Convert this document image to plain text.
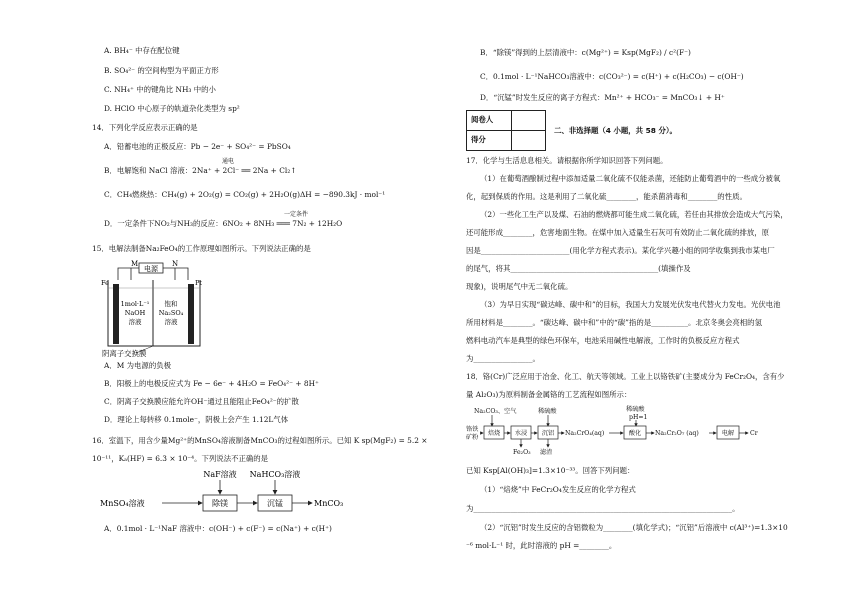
A. BH₄⁻ 中存在配位键
B. SO₄²⁻ 的空间构型为平面正方形
C. NH₄⁺ 中的键角比 NH₃ 中的小
D. HClO 中心原子的轨道杂化类型为 sp²
14．下列化学反应表示正确的是
A．铅蓄电池的正极反应：Pb − 2e⁻ + SO₄²⁻ = PbSO₄
通电
B．电解饱和 NaCl 溶液：2Na⁺ + 2Cl⁻ ══ 2Na + Cl₂↑
C．CH₄燃烧热：CH₄(g) + 2O₂(g) = CO₂(g) + 2H₂O(g)ΔH = −890.3kJ · mol⁻¹
一定条件
D．一定条件下NO₂与NH₃的反应：6NO₂ + 8NH₃ ═══ 7N₂ + 12H₂O
15．电解法制备Na₂FeO₄的工作原理如图所示。下列说法正确的是
电源
M	N
Fe	Pt
1mol·L⁻¹
NaOH
溶液
饱和
Na₂SO₄
溶液
阴离子交换膜
A．M 为电源的负极
B．阳极上的电极反应式为 Fe − 6e⁻ + 4H₂O = FeO₄²⁻ + 8H⁺
C．阴离子交换膜应能允许OH⁻通过且能阻止FeO₄²⁻的扩散
D．理论上每转移 0.1mole⁻，阴极上会产生 1.12L气体
16．室温下，用含少量Mg²⁺的MnSO₄溶液制备MnCO₃的过程如图所示。已知 K sp(MgF₂) = 5.2 ×
10⁻¹¹，Kₐ(HF) = 6.3 × 10⁻⁴。下列说法不正确的是
NaF溶液 NaHCO₃溶液
除镁	沉锰
MnSO₄溶液	MnCO₃
A．0.1mol · L⁻¹NaF 溶液中：c(OH⁻) + c(F⁻) = c(Na⁺) + c(H⁺)
B．“除镁”得到的上层清液中：c(Mg²⁺) = Ksp(MgF₂) / c²(F⁻)
C．0.1mol · L⁻¹NaHCO₃溶液中：c(CO₃²⁻) = c(H⁺) + c(H₂CO₃) − c(OH⁻)
D．“沉锰”时发生反应的离子方程式：Mn²⁺ + HCO₃⁻ = MnCO₃↓ + H⁺
阅卷人	
得分	
二、非选择题（4 小题，共 58 分）。
17．化学与生活息息相关。请根据你所学知识回答下列问题。
（1）在葡萄酒酿制过程中添加适量二氧化硫不仅能杀菌，还能防止葡萄酒中的一些成分被氧
化，起到保质的作用。这是利用了二氧化硫________，能杀菌消毒和________的性质。
（2）一些化工生产以及煤、石油的燃烧都可能生成二氧化硫，若任由其排放会造成大气污染，
还可能形成________，危害地面生物。在煤中加入适量生石灰可有效防止二氧化硫的排放，原
因是________________________(用化学方程式表示)。某化学兴趣小组的同学收集到我市某电厂
的尾气，将其________________________________________(填操作及
现象)，说明尾气中无二氧化硫。
（3）为早日实现“碳达峰、碳中和”的目标，我国大力发展光伏发电代替火力发电。光伏电池
所用材料是________。“碳达峰、碳中和”中的“碳”指的是__________。北京冬奥会亮相的氢
燃料电动汽车是典型的绿色环保车，电池采用碱性电解液，工作时的负极反应方程式
为________________。
18．铬(Cr)广泛应用于冶金、化工、航天等领域。工业上以铬铁矿(主要成分为 FeCr₂O₄，含有少
量 Al₂O₃)为原料制备金属铬的工艺流程如图所示：
Na₂CO₃、空气
铬铁
矿粉
焙烧 水浸
Fe₂O₃
稀硫酸
沉铝
滤渣
Na₂CrO₄(aq)
稀硫酸
pH=1
酸化 Na₂Cr₂O₇ (aq)	电解	Cr
已知 Ksp[Al(OH)₃]=1.3×10⁻³³。回答下列问题：
（1）“焙烧”中 FeCr₂O₄发生反应的化学方程式
为______________________________________________________________________。
（2）“沉铝”时发生反应的含铝微粒为________(填化学式)；“沉铝”后溶液中 c(Al³⁺)=1.3×10
⁻⁶ mol·L⁻¹ 时，此时溶液的 pH =________。
